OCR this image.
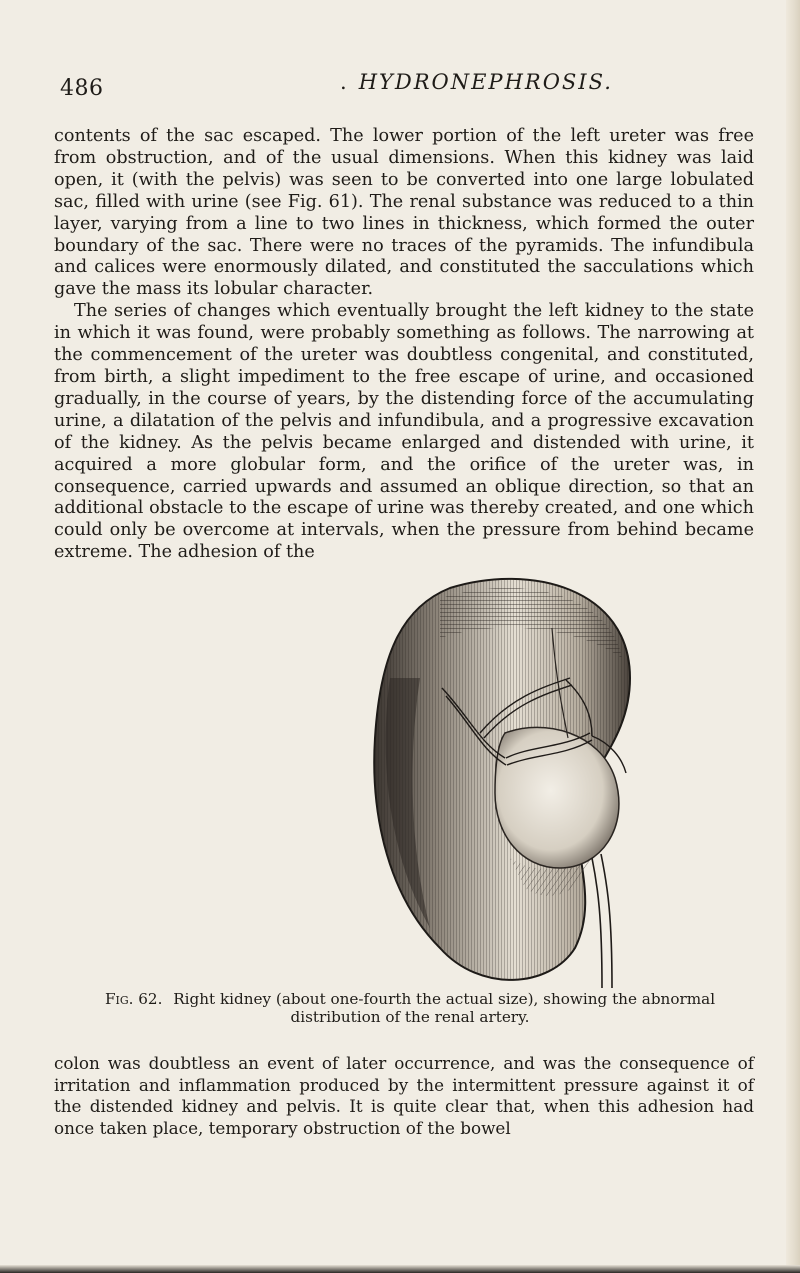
486	. HYDRONEPHROSIS.

contents of the sac escaped. The lower portion of the left ureter was free from obstruction, and of the usual dimensions. When this kidney was laid open, it (with the pelvis) was seen to be converted into one large lobulated sac, filled with urine (see Fig. 61). The renal substance was reduced to a thin layer, varying from a line to two lines in thickness, which formed the outer boundary of the sac. There were no traces of the pyramids. The infundibula and calices were enormously dilated, and constituted the sacculations which gave the mass its lobular character.

The series of changes which eventually brought the left kidney to the state in which it was found, were probably something as follows. The narrowing at the commencement of the ureter was doubtless congenital, and constituted, from birth, a slight impediment to the free escape of urine, and occasioned gradually, in the course of years, by the distending force of the accumulating urine, a dilatation of the pelvis and infundibula, and a progressive excavation of the kidney. As the pelvis became enlarged and distended with urine, it acquired a more globular form, and the orifice of the ureter was, in consequence, carried upwards and assumed an oblique direction, so that an additional obstacle to the escape of urine was thereby created, and one which could only be overcome at intervals, when the pressure from behind became extreme. The adhesion of the

Fig. 62. Right kidney (about one-fourth the actual size), showing the abnormal distribution of the renal artery.

colon was doubtless an event of later occurrence, and was the consequence of irritation and inflammation produced by the intermittent pressure against it of the distended kidney and pelvis. It is quite clear that, when this adhesion had once taken place, temporary obstruction of the bowel
